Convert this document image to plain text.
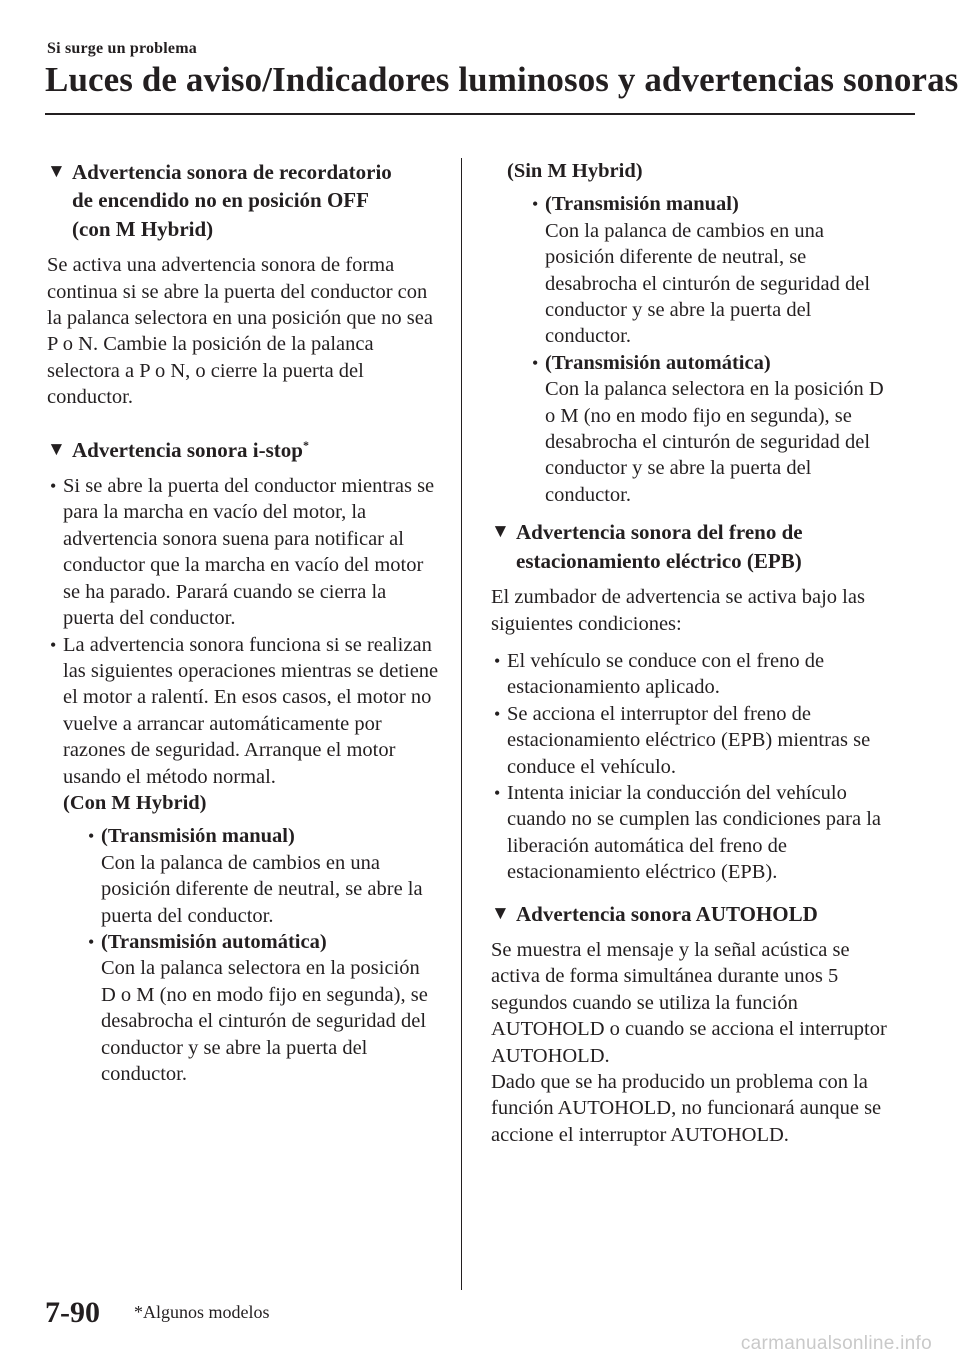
Si surge un problema
Luces de aviso/Indicadores luminosos y advertencias sonoras
▼ Advertencia sonora de recordatorio
de encendido no en posición OFF
(con M Hybrid)

Se activa una advertencia sonora de forma continua si se abre la puerta del conductor con la palanca selectora en una posición que no sea P o N. Cambie la posición de la palanca selectora a P o N, o cierre la puerta del conductor.

▼ Advertencia sonora i-stop*
• Si se abre la puerta del conductor mientras se para la marcha en vacío del motor, la advertencia sonora suena para notificar al conductor que la marcha en vacío del motor se ha parado. Parará cuando se cierra la puerta del conductor.
• La advertencia sonora funciona si se realizan las siguientes operaciones mientras se detiene el motor a ralentí. En esos casos, el motor no vuelve a arrancar automáticamente por razones de seguridad. Arranque el motor usando el método normal.
(Con M Hybrid)
• (Transmisión manual)
Con la palanca de cambios en una posición diferente de neutral, se abre la puerta del conductor.
• (Transmisión automática)
Con la palanca selectora en la posición D o M (no en modo fijo en segunda), se desabrocha el cinturón de seguridad del conductor y se abre la puerta del conductor.
(Sin M Hybrid)
• (Transmisión manual)
Con la palanca de cambios en una posición diferente de neutral, se desabrocha el cinturón de seguridad del conductor y se abre la puerta del conductor.
• (Transmisión automática)
Con la palanca selectora en la posición D o M (no en modo fijo en segunda), se desabrocha el cinturón de seguridad del conductor y se abre la puerta del conductor.
▼ Advertencia sonora del freno de
estacionamiento eléctrico (EPB)

El zumbador de advertencia se activa bajo las siguientes condiciones:

• El vehículo se conduce con el freno de estacionamiento aplicado.
• Se acciona el interruptor del freno de estacionamiento eléctrico (EPB) mientras se conduce el vehículo.
• Intenta iniciar la conducción del vehículo cuando no se cumplen las condiciones para la liberación automática del freno de estacionamiento eléctrico (EPB).
▼ Advertencia sonora AUTOHOLD
Se muestra el mensaje y la señal acústica se activa de forma simultánea durante unos 5 segundos cuando se utiliza la función AUTOHOLD o cuando se acciona el interruptor AUTOHOLD.
Dado que se ha producido un problema con la función AUTOHOLD, no funcionará aunque se accione el interruptor AUTOHOLD.
7-90 *Algunos modelos
carmanualsonline.info
